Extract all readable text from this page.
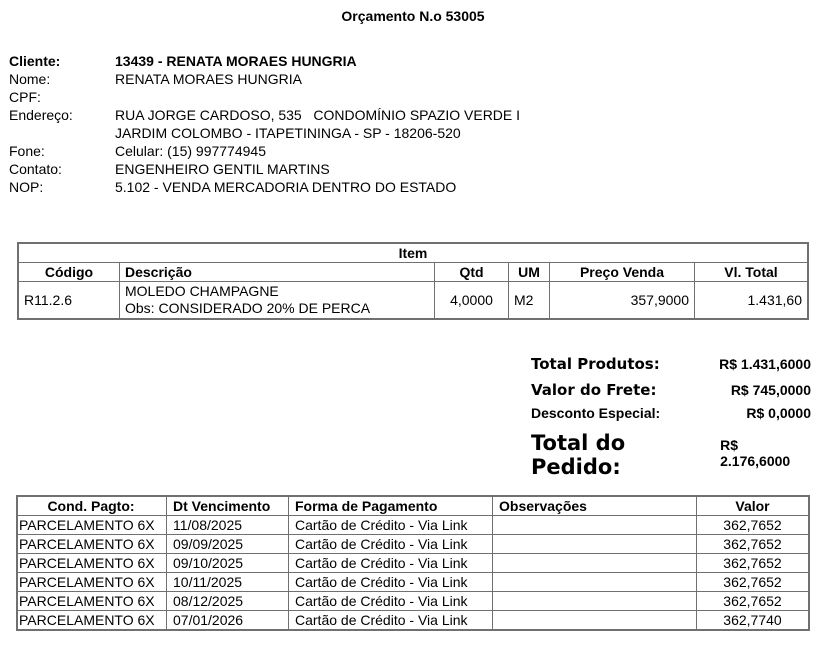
Orçamento N.o 53005
Cliente:	13439 - RENATA MORAES HUNGRIA
Nome:	RENATA MORAES HUNGRIA
CPF:
Endereço:	RUA JORGE CARDOSO, 535   CONDOMÍNIO SPAZIO VERDE I
JARDIM COLOMBO - ITAPETININGA - SP - 18206-520
Fone:	Celular: (15) 997774945
Contato:	ENGENHEIRO GENTIL MARTINS
NOP:	5.102 - VENDA MERCADORIA DENTRO DO ESTADO
Item					
Código	Descrição	Qtd	UM	Preço Venda	Vl. Total
R11.2.6	MOLEDO CHAMPAGNE
Obs: CONSIDERADO 20% DE PERCA	4,0000	M2	357,9000	1.431,60
Total Produtos:	R$ 1.431,6000
Valor do Frete:	R$ 745,0000
Desconto Especial:	R$ 0,0000
Total do Pedido:
R$ 2.176,6000
Cond. Pagto:	Dt Vencimento	Forma de Pagamento	Observações	Valor
PARCELAMENTO 6X	11/08/2025	Cartão de Crédito - Via Link		362,7652
PARCELAMENTO 6X	09/09/2025	Cartão de Crédito - Via Link		362,7652
PARCELAMENTO 6X	09/10/2025	Cartão de Crédito - Via Link		362,7652
PARCELAMENTO 6X	10/11/2025	Cartão de Crédito - Via Link		362,7652
PARCELAMENTO 6X	08/12/2025	Cartão de Crédito - Via Link		362,7652
PARCELAMENTO 6X	07/01/2026	Cartão de Crédito - Via Link		362,7740
